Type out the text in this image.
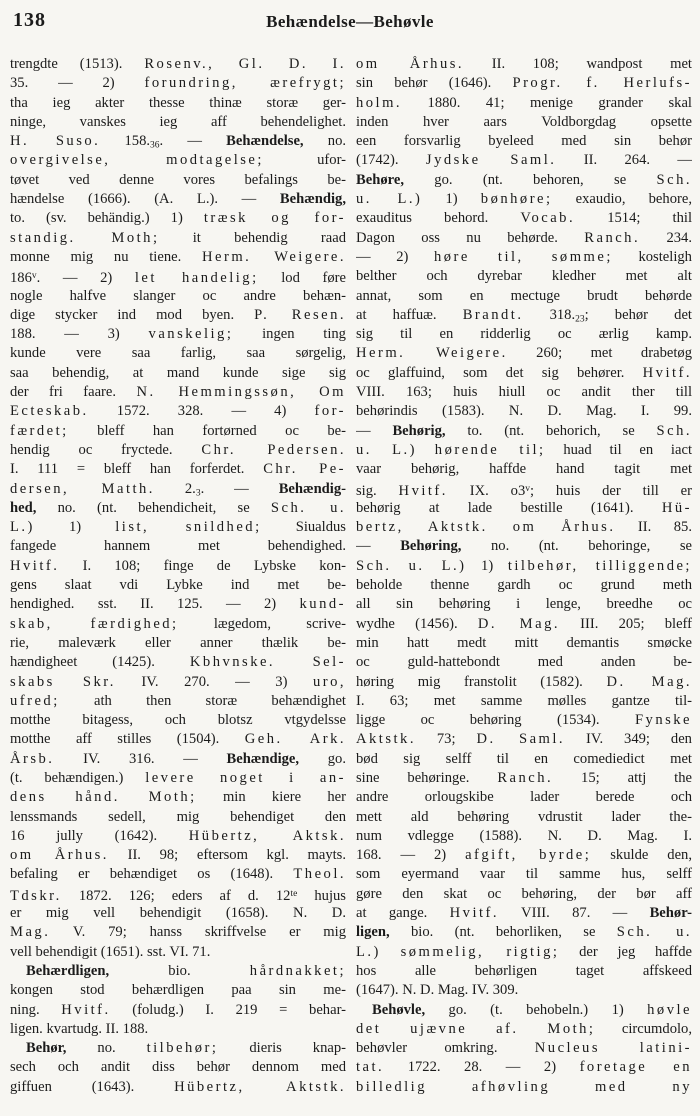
138	Behændelse—Behøvle
trengdte (1513). Rosenv., Gl. D. I.
35. — 2) forundring, ærefrygt;
tha ieg akter thesse thinæ storæ ger-
ninge, vanskes ieg aff behendelighet.
H. Suso. $158._{36}$. — Behændelse, no.
overgivelse, modtagelse; ufor-
tøvet ved denne vores befalings be-
hændelse (1666). (A. L.). — Behændig,
to. (sv. behändig.) 1) træsk og for-
standig. Moth; it behendig raad
monne mig nu tiene. Herm. Weigere.
186$^v$. — 2) let handelig; lod føre
nogle halfve slanger oc andre behæn-
dige stycker ind mod byen. P. Resen.
188. — 3) vanskelig; ingen ting
kunde vere saa farlig, saa sørgelig,
saa behendig, at mand kunde sige sig
der fri faare. N. Hemmingssøn, Om
Ecteskab. 1572. 328. — 4) for-
færdet; bleff han fortørned oc be-
hendig oc fryctede. Chr. Pedersen.
I. 111 = bleff han forferdet. Chr. Pe-
dersen, Matth. $2._3$. — Behændig-
hed, no. (nt. behendicheit, se Sch. u.
L.) 1) list, snildhed; Siualdus
fangede hannem met behendighed.
Hvitf. I. 108; finge de Lybske kon-
gens slaat vdi Lybke ind met be-
hendighed. sst. II. 125. — 2) kund-
skab, færdighed; lægedom, scrive-
rie, maleværk eller anner thælik be-
hændigheet (1425). Kbhvnske. Sel-
skabs Skr. IV. 270. — 3) uro,
ufred; ath then storæ behændighet
motthe bitagess, och blotsz vtgydelsse
motthe aff stilles (1504). Geh. Ark.
Årsb. IV. 316. — Behændige, go.
(t. behændigen.) levere noget i an-
dens hånd. Moth; min kiere her
lenssmands sedell, mig behendiget den
16 jully (1642). Hübertz, Aktsk.
om Århus. II. 98; eftersom kgl. mayts.
befaling er behændiget os (1648). Theol.
Tdskr. 1872. 126; eders af d. $12^{te}$ hujus
er mig vell behendigit (1658). N. D.
Mag. V. 79; hanss skriffvelse er mig
vell behendigit (1651). sst. VI. 71.
Behærdligen, bio. hårdnakket;
kongen stod behærdligen paa sin me-
ning. Hvitf. (foludg.) I. 219 = behar-
ligen. kvartudg. II. 188.
Behør, no. tilbehør; dieris knap-
sech och andit diss behør dennom med
giffuen (1643). Hübertz, Aktstk.
om Århus. II. 108; wandpost met
sin behør (1646). Progr. f. Herlufs-
holm. 1880. 41; menige grander skal
inden hver aars Voldborgdag opsette
een forsvarlig byeleed med sin behør
(1742). Jydske Saml. II. 264. —
Behøre, go. (nt. behoren, se Sch.
u. L.) 1) bønhøre; exaudio, behore,
exauditus behord. Vocab. 1514; thil
Dagon oss nu behørde. Ranch. 234.
— 2) høre til, sømme; kosteligh
belther och dyrebar kledher met alt
annat, som en mectuge brudt behørde
at haffuæ. Brandt. $318._{23}$; behør det
sig til en ridderlig oc ærlig kamp.
Herm. Weigere. 260; met drabetøg
oc glaffuind, som det sig behører. Hvitf.
VIII. 163; huis hiull oc andit ther till
behørindis (1583). N. D. Mag. I. 99.
— Behørig, to. (nt. behorich, se Sch.
u. L.) hørende til; huad til en iact
vaar behørig, haffde hand tagit met
sig. Hvitf. IX. o3$^v$; huis der till er
behørig at lade bestille (1641). Hü-
bertz, Aktstk. om Århus. II. 85.
— Behøring, no. (nt. behoringe, se
Sch. u. L.) 1) tilbehør, tilliggende;
beholde thenne gardh oc grund meth
all sin behøring i lenge, breedhe oc
wydhe (1456). D. Mag. III. 205; bleff
min hatt medt mitt demantis smøcke
oc guld-hattebondt med anden be-
høring mig franstolit (1582). D. Mag.
I. 63; met samme mølles gantze til-
ligge oc behøring (1534). Fynske
Aktstk. 73; D. Saml. IV. 349; den
bød sig selff til en comediedict met
sine behøringe. Ranch. 15; attj the
andre orlougskibe lader berede och
mett ald behøring vdrustit lader the-
num vdlegge (1588). N. D. Mag. I.
168. — 2) afgift, byrde; skulde den,
som eyermand vaar til samme hus, selff
gøre den skat oc behøring, der bør aff
at gange. Hvitf. VIII. 87. — Behør-
ligen, bio. (nt. behorliken, se Sch. u.
L.) sømmelig, rigtig; der jeg haffde
hos alle behørligen taget affskeed
(1647). N. D. Mag. IV. 309.
Behøvle, go. (t. behobeln.) 1) høvle
det ujævne af. Moth; circumdolo,
behøvler omkring. Nucleus latini-
tat. 1722. 28. — 2) foretage en
billedlig afhøvling med ny
